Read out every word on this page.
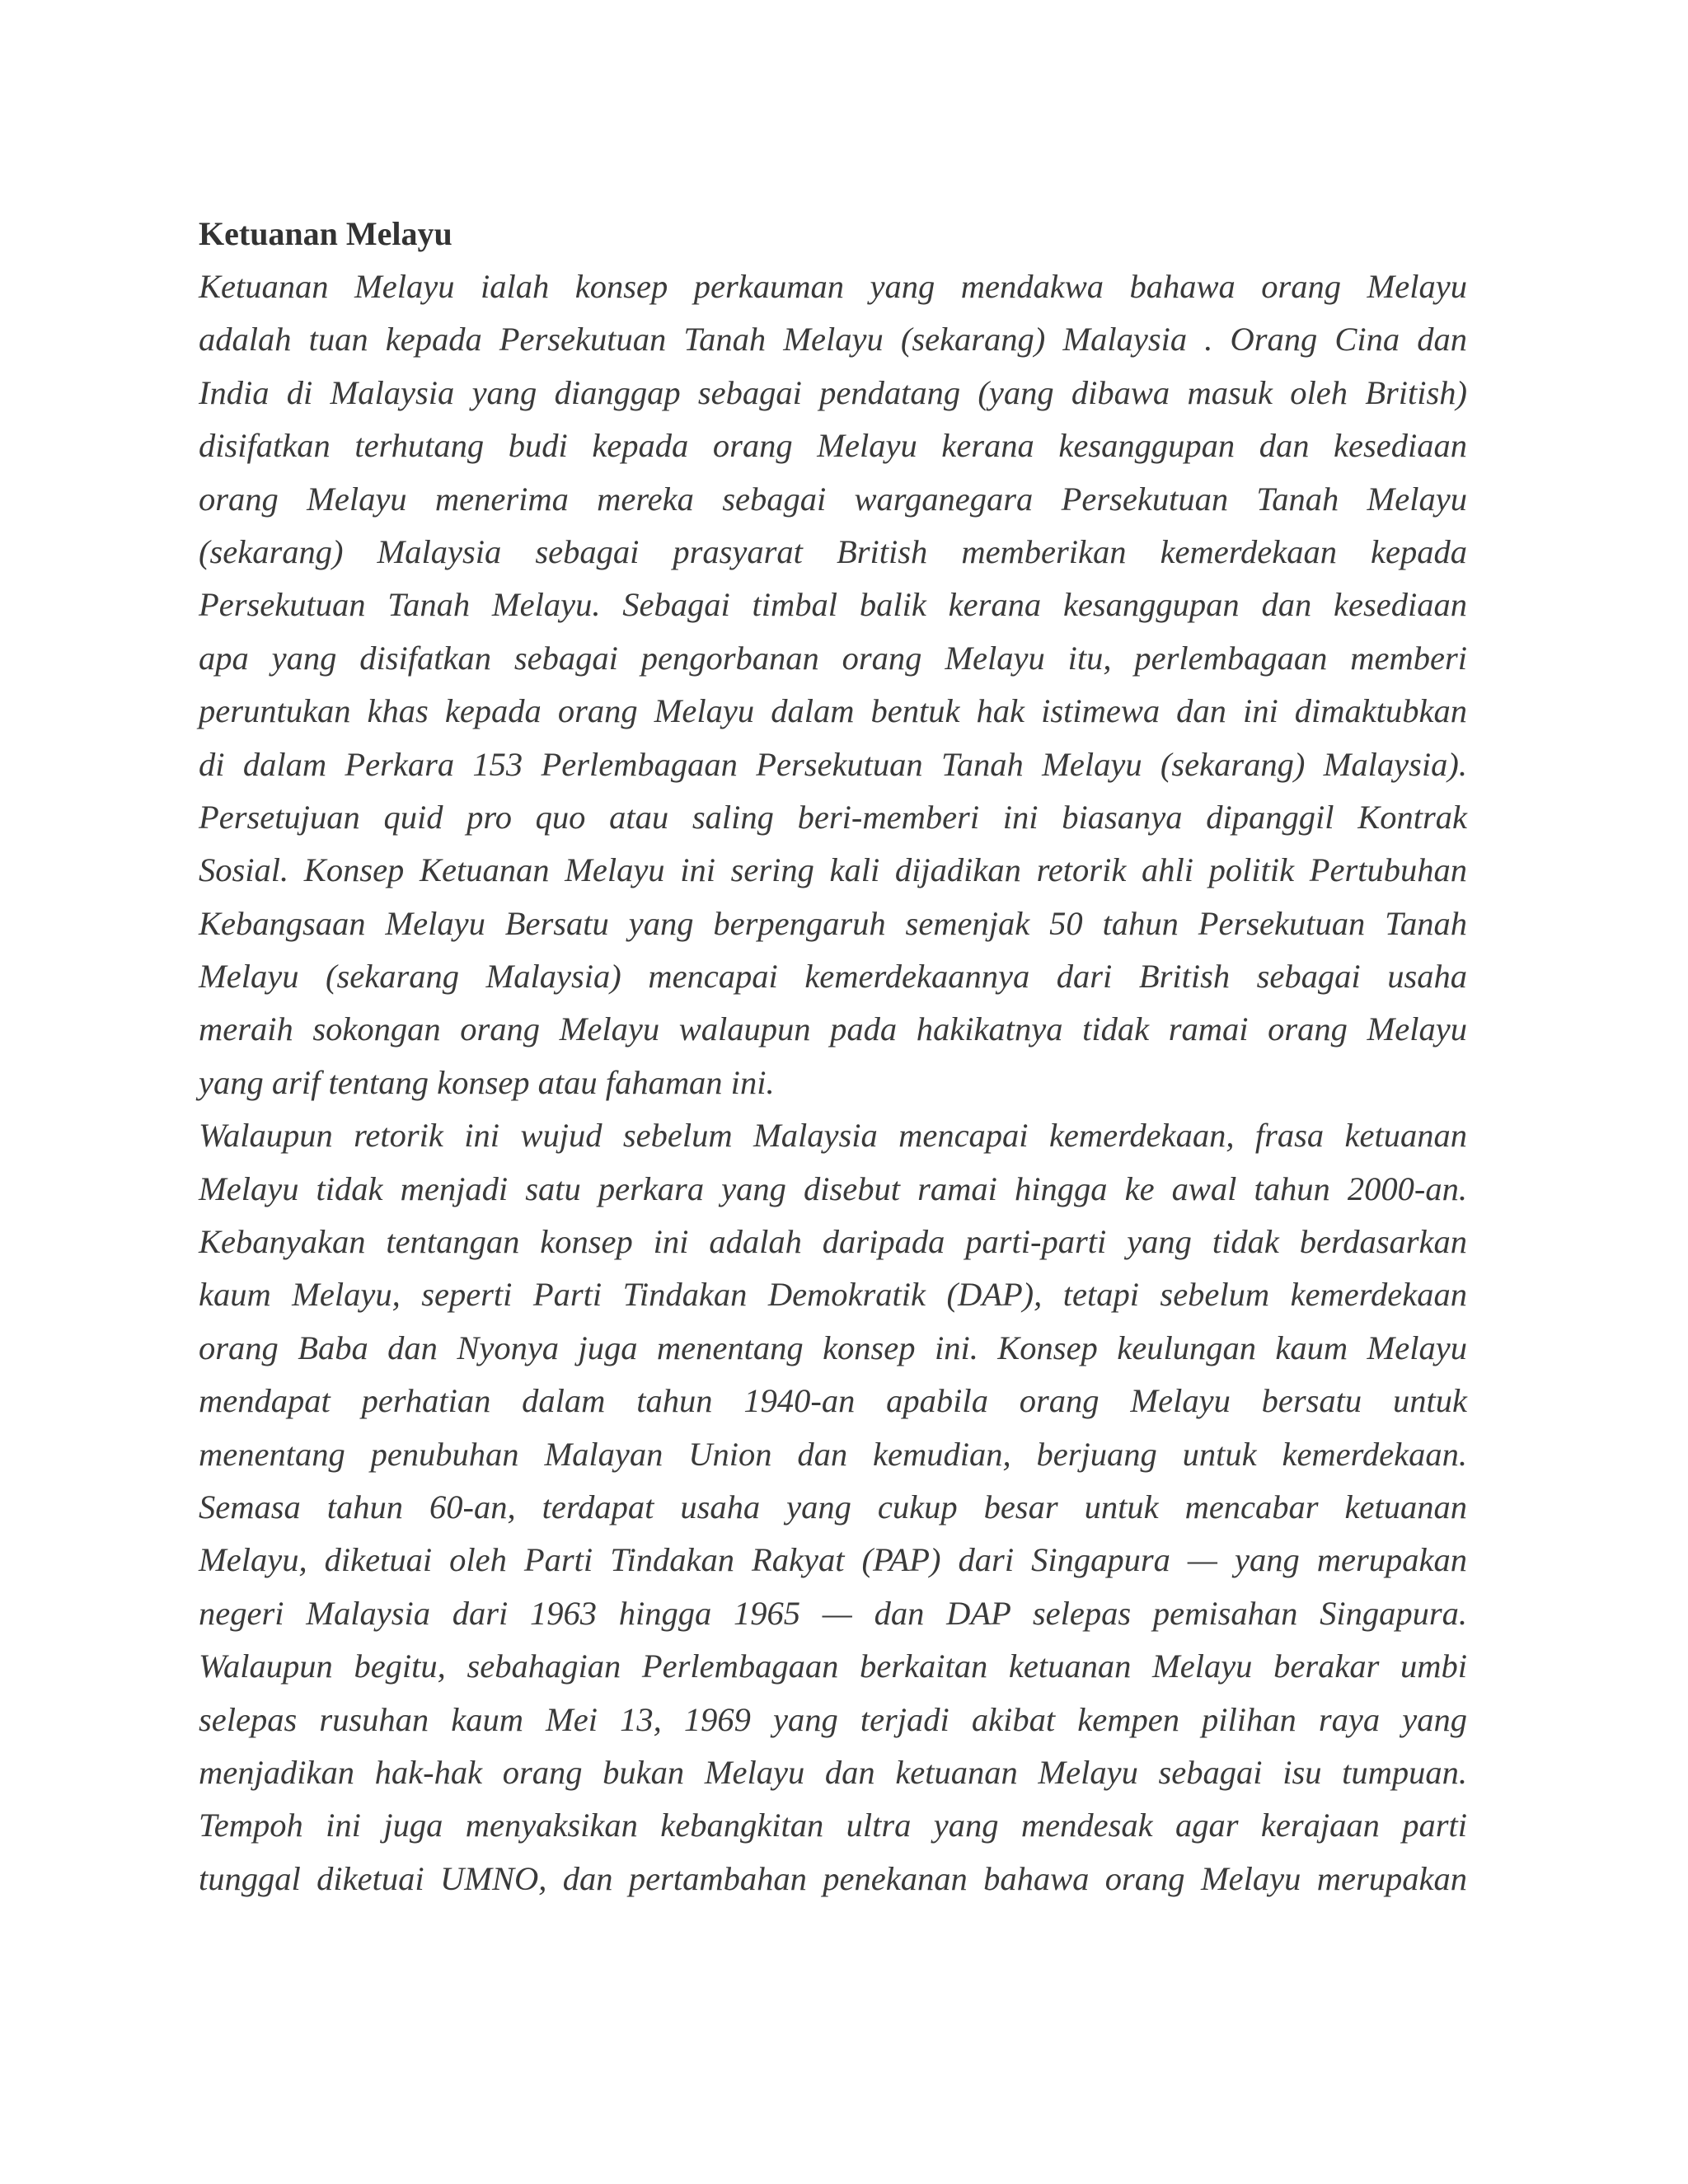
Ketuanan Melayu
Ketuanan Melayu ialah konsep perkauman yang mendakwa bahawa orang Melayu
adalah tuan kepada Persekutuan Tanah Melayu (sekarang) Malaysia . Orang Cina dan
India di Malaysia yang dianggap sebagai pendatang (yang dibawa masuk oleh British)
disifatkan terhutang budi kepada orang Melayu kerana kesanggupan dan kesediaan
orang Melayu menerima mereka sebagai warganegara Persekutuan Tanah Melayu
(sekarang) Malaysia sebagai prasyarat British memberikan kemerdekaan kepada
Persekutuan Tanah Melayu. Sebagai timbal balik kerana kesanggupan dan kesediaan
apa yang disifatkan sebagai pengorbanan orang Melayu itu, perlembagaan memberi
peruntukan khas kepada orang Melayu dalam bentuk hak istimewa dan ini dimaktubkan
di dalam Perkara 153 Perlembagaan Persekutuan Tanah Melayu (sekarang) Malaysia).
Persetujuan quid pro quo atau saling beri-memberi ini biasanya dipanggil Kontrak
Sosial. Konsep Ketuanan Melayu ini sering kali dijadikan retorik ahli politik Pertubuhan
Kebangsaan Melayu Bersatu yang berpengaruh semenjak 50 tahun Persekutuan Tanah
Melayu (sekarang Malaysia) mencapai kemerdekaannya dari British sebagai usaha
meraih sokongan orang Melayu walaupun pada hakikatnya tidak ramai orang Melayu
yang arif tentang konsep atau fahaman ini.
Walaupun retorik ini wujud sebelum Malaysia mencapai kemerdekaan, frasa ketuanan
Melayu tidak menjadi satu perkara yang disebut ramai hingga ke awal tahun 2000-an.
Kebanyakan tentangan konsep ini adalah daripada parti-parti yang tidak berdasarkan
kaum Melayu, seperti Parti Tindakan Demokratik (DAP), tetapi sebelum kemerdekaan
orang Baba dan Nyonya juga menentang konsep ini. Konsep keulungan kaum Melayu
mendapat perhatian dalam tahun 1940-an apabila orang Melayu bersatu untuk
menentang penubuhan Malayan Union dan kemudian, berjuang untuk kemerdekaan.
Semasa tahun 60-an, terdapat usaha yang cukup besar untuk mencabar ketuanan
Melayu, diketuai oleh Parti Tindakan Rakyat (PAP) dari Singapura — yang merupakan
negeri Malaysia dari 1963 hingga 1965 — dan DAP selepas pemisahan Singapura.
Walaupun begitu, sebahagian Perlembagaan berkaitan ketuanan Melayu berakar umbi
selepas rusuhan kaum Mei 13, 1969 yang terjadi akibat kempen pilihan raya yang
menjadikan hak-hak orang bukan Melayu dan ketuanan Melayu sebagai isu tumpuan.
Tempoh ini juga menyaksikan kebangkitan ultra yang mendesak agar kerajaan parti
tunggal diketuai UMNO, dan pertambahan penekanan bahawa orang Melayu merupakan
